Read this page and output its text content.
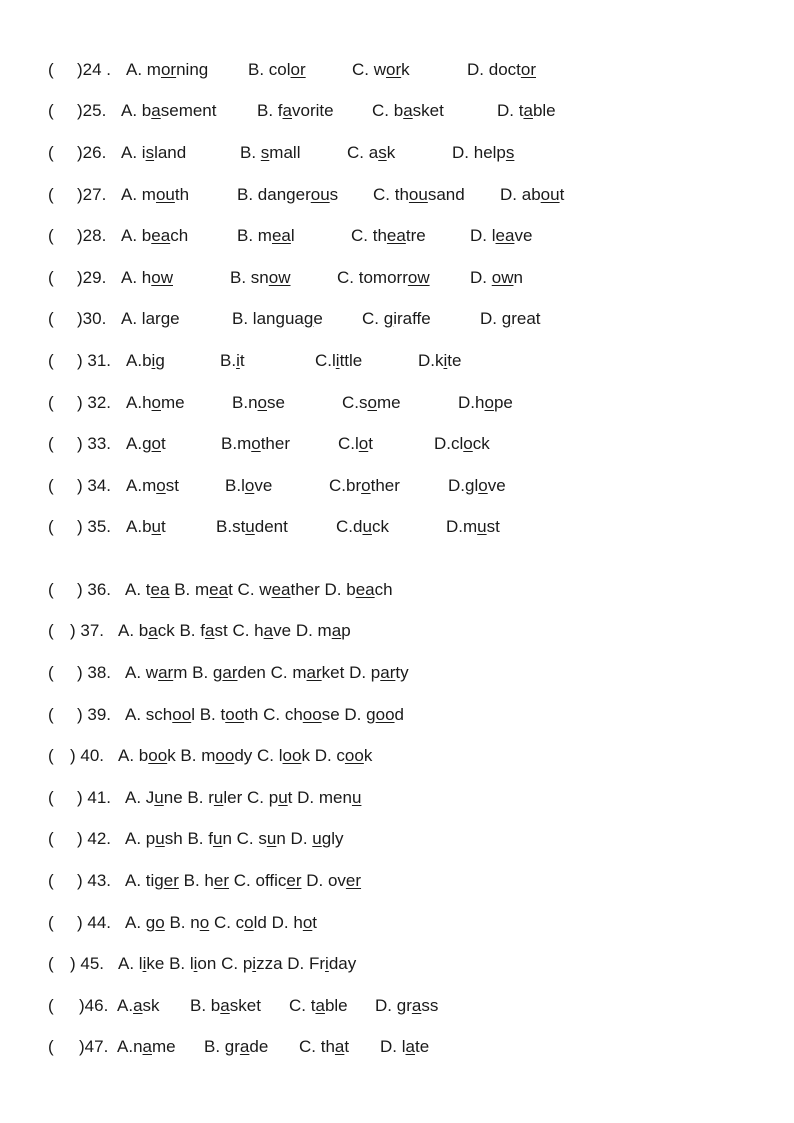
( )24 . A. morning B. color	C. work	D. doctor
( )25. A. basement B. favorite C. basket	D. table
( )26. A. island	B. small	C. ask	D. helps
( )27. A. mouth	B. dangerous C. thousand D. about
( )28. A. beach	B. meal	C. theatre	D. leave
( )29. A. how	B. snow	C. tomorrow D. own
( )30. A. large	B. language C. giraffe	D. great
( ) 31. A.big	B.it	C.little	D.kite
( ) 32. A.home	B.nose	C.some	D.hope
( ) 33. A.got	B.mother	C.lot	D.clock
( ) 34. A.most	B.love	C.brother	D.glove
( ) 35. A.but	B.student	C.duck	D.must
( ) 36. A. tea B. meat C. weather D. beach
( ) 37. A. back B. fast C. have D. map
( ) 38. A. warm B. garden C. market D. party
( ) 39. A. school B. tooth C. choose D. good
( ) 40. A. book B. moody C. look D. cook
( ) 41. A. June B. ruler C. put D. menu
( ) 42. A. push B. fun C. sun D. ugly
( ) 43. A. tiger B. her C. officer D. over
( ) 44. A. go B. no C. cold D. hot
( ) 45. A. like B. lion C. pizza D. Friday
( )46. A.ask B. basket C. table D. grass
( )47. A.name B. grade C. that D. late
